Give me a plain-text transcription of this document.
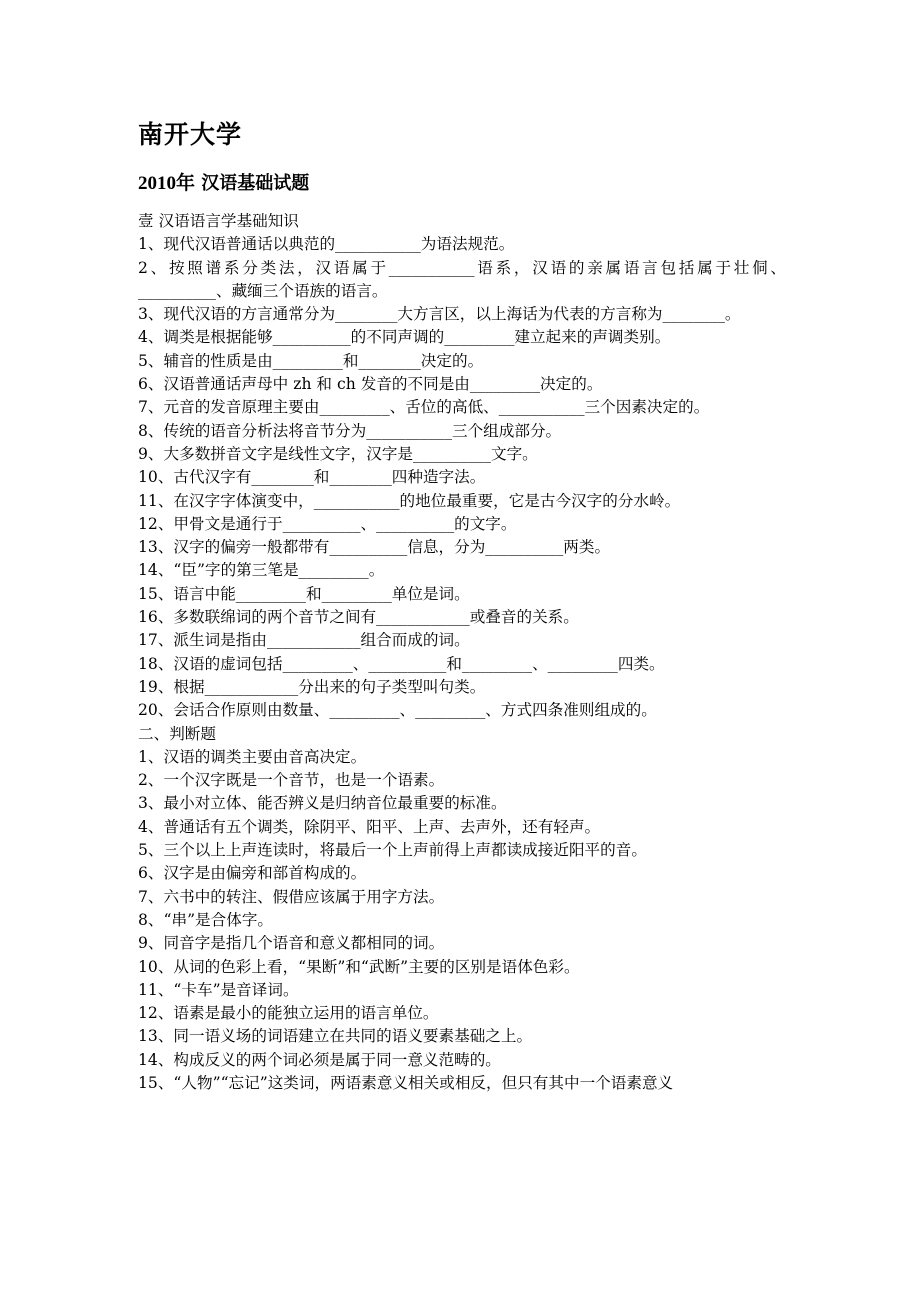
南开大学
2010年 汉语基础试题
壹 汉语语言学基础知识

1、现代汉语普通话以典范的___________为语法规范。

2、按照谱系分类法，汉语属于___________语系，汉语的亲属语言包括属于壮侗、__________、藏缅三个语族的语言。

3、现代汉语的方言通常分为________大方言区，以上海话为代表的方言称为________。

4、调类是根据能够__________的不同声调的_________建立起来的声调类别。

5、辅音的性质是由_________和________决定的。

6、汉语普通话声母中 zh 和 ch 发音的不同是由_________决定的。

7、元音的发音原理主要由_________、舌位的高低、___________三个因素决定的。

8、传统的语音分析法将音节分为___________三个组成部分。

9、大多数拼音文字是线性文字，汉字是__________文字。

10、古代汉字有________和________四种造字法。

11、在汉字字体演变中，___________的地位最重要，它是古今汉字的分水岭。

12、甲骨文是通行于__________、__________的文字。

13、汉字的偏旁一般都带有__________信息，分为__________两类。

14、“臣”字的第三笔是_________。

15、语言中能_________和_________单位是词。

16、多数联绵词的两个音节之间有____________或叠音的关系。

17、派生词是指由____________组合而成的词。

18、汉语的虚词包括_________、__________和_________、_________四类。

19、根据____________分出来的句子类型叫句类。

20、会话合作原则由数量、_________、_________、方式四条准则组成的。

二、判断题

1、汉语的调类主要由音高决定。

2、一个汉字既是一个音节，也是一个语素。

3、最小对立体、能否辨义是归纳音位最重要的标准。

4、普通话有五个调类，除阴平、阳平、上声、去声外，还有轻声。

5、三个以上上声连读时，将最后一个上声前得上声都读成接近阳平的音。

6、汉字是由偏旁和部首构成的。

7、六书中的转注、假借应该属于用字方法。

8、“串”是合体字。

9、同音字是指几个语音和意义都相同的词。

10、从词的色彩上看，“果断”和“武断”主要的区别是语体色彩。

11、“卡车”是音译词。

12、语素是最小的能独立运用的语言单位。

13、同一语义场的词语建立在共同的语义要素基础之上。

14、构成反义的两个词必须是属于同一意义范畴的。

15、“人物”“忘记”这类词，两语素意义相关或相反，但只有其中一个语素意义
